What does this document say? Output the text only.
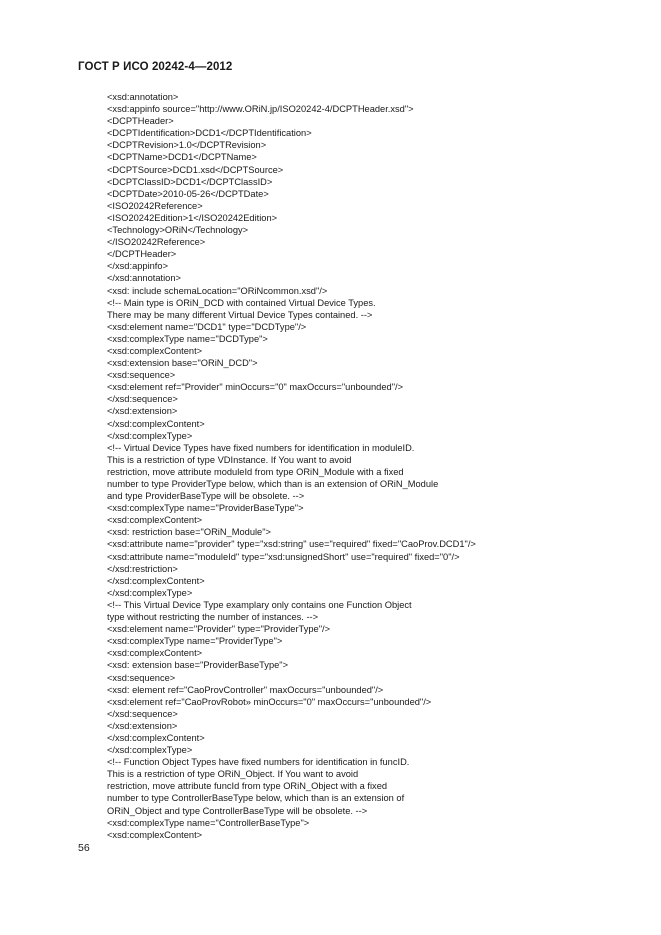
ГОСТ Р ИСО 20242-4—2012
<xsd:annotation>
<xsd:appinfo source="http://www.ORiN.jp/ISO20242-4/DCPTHeader.xsd">
<DCPTHeader>
<DCPTIdentification>DCD1</DCPTIdentification>
<DCPTRevision>1.0</DCPTRevision>
<DCPTName>DCD1</DCPTName>
<DCPTSource>DCD1.xsd</DCPTSource>
<DCPTClassID>DCD1</DCPTClassID>
<DCPTDate>2010-05-26</DCPTDate>
<ISO20242Reference>
<ISO20242Edition>1</ISO20242Edition>
<Technology>ORiN</Technology>
</ISO20242Reference>
</DCPTHeader>
</xsd:appinfo>
</xsd:annotation>
<xsd: include schemaLocation="ORiNcommon.xsd"/>
<!-- Main type is ORiN_DCD with contained Virtual Device Types.
There may be many different Virtual Device Types contained. -->
<xsd:element name="DCD1" type="DCDType"/>
<xsd:complexType name="DCDType">
<xsd:complexContent>
<xsd:extension base="ORiN_DCD">
<xsd:sequence>
<xsd:element ref="Provider" minOccurs="0" maxOccurs="unbounded"/>
</xsd:sequence>
</xsd:extension>
</xsd:complexContent>
</xsd:complexType>
<!-- Virtual Device Types have fixed numbers for identification in moduleID.
This is a restriction of type VDInstance. If You want to avoid
restriction, move attribute moduleId from type ORiN_Module with a fixed
number to type ProviderType below, which than is an extension of ORiN_Module
and type ProviderBaseType will be obsolete. -->
<xsd:complexType name="ProviderBaseType">
<xsd:complexContent>
<xsd: restriction base="ORiN_Module">
<xsd:attribute name="provider" type="xsd:string" use="required" fixed="CaoProv.DCD1"/>
<xsd:attribute name="moduleId" type="xsd:unsignedShort" use="required" fixed="0"/>
</xsd:restriction>
</xsd:complexContent>
</xsd:complexType>
<!-- This Virtual Device Type examplary only contains one Function Object
type without restricting the number of instances. -->
<xsd:element name="Provider" type="ProviderType"/>
<xsd:complexType name="ProviderType">
<xsd:complexContent>
<xsd: extension base="ProviderBaseType">
<xsd:sequence>
<xsd: element ref="CaoProvController" maxOccurs="unbounded"/>
<xsd:element ref="CaoProvRobot» minOccurs="0" maxOccurs="unbounded"/>
</xsd:sequence>
</xsd:extension>
</xsd:complexContent>
</xsd:complexType>
<!-- Function Object Types have fixed numbers for identification in funcID.
This is a restriction of type ORiN_Object. If You want to avoid
restriction, move attribute funcId from type ORiN_Object with a fixed
number to type ControllerBaseType below, which than is an extension of
ORiN_Object and type ControllerBaseType will be obsolete. -->
<xsd:complexType name="ControllerBaseType">
<xsd:complexContent>
56
